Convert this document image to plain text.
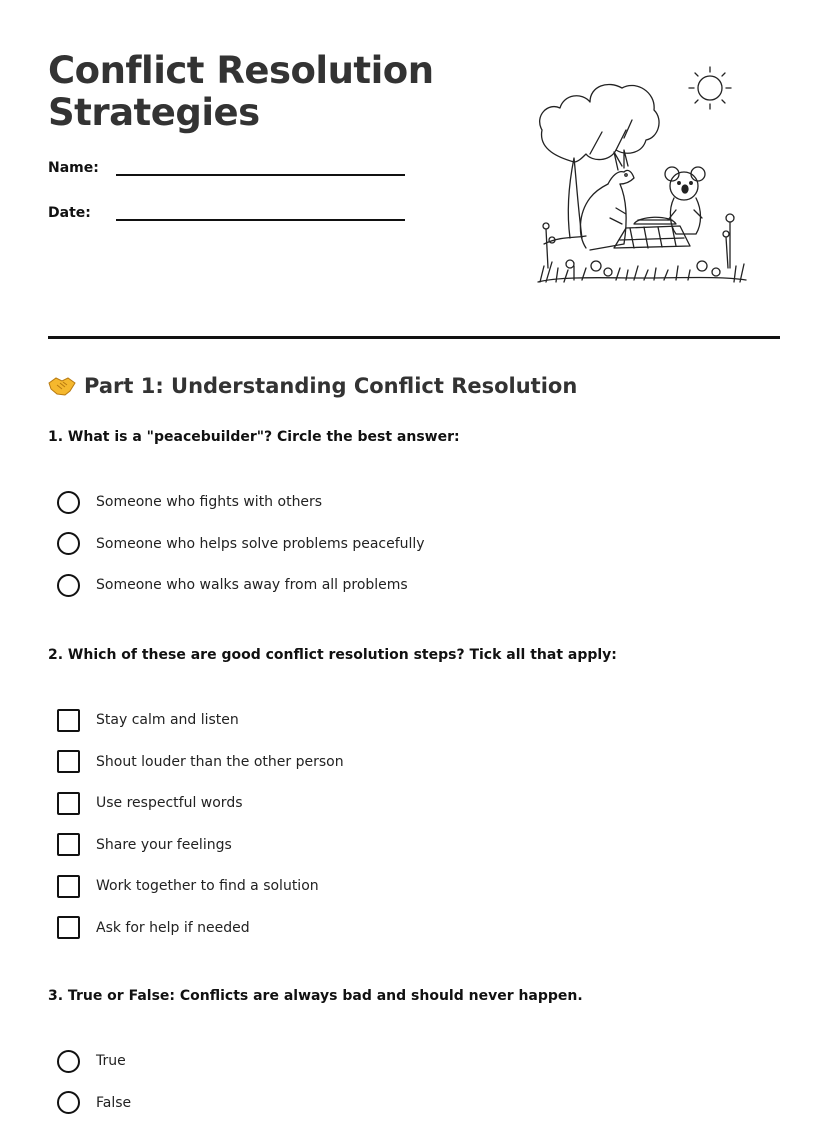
Conflict Resolution Strategies
Name:
Date:
Part 1: Understanding Conflict Resolution

1. What is a "peacebuilder"? Circle the best answer:

Someone who fights with others
Someone who helps solve problems peacefully
Someone who walks away from all problems

2. Which of these are good conflict resolution steps? Tick all that apply:

Stay calm and listen
Shout louder than the other person
Use respectful words
Share your feelings
Work together to find a solution
Ask for help if needed

3. True or False: Conflicts are always bad and should never happen.

True
False
